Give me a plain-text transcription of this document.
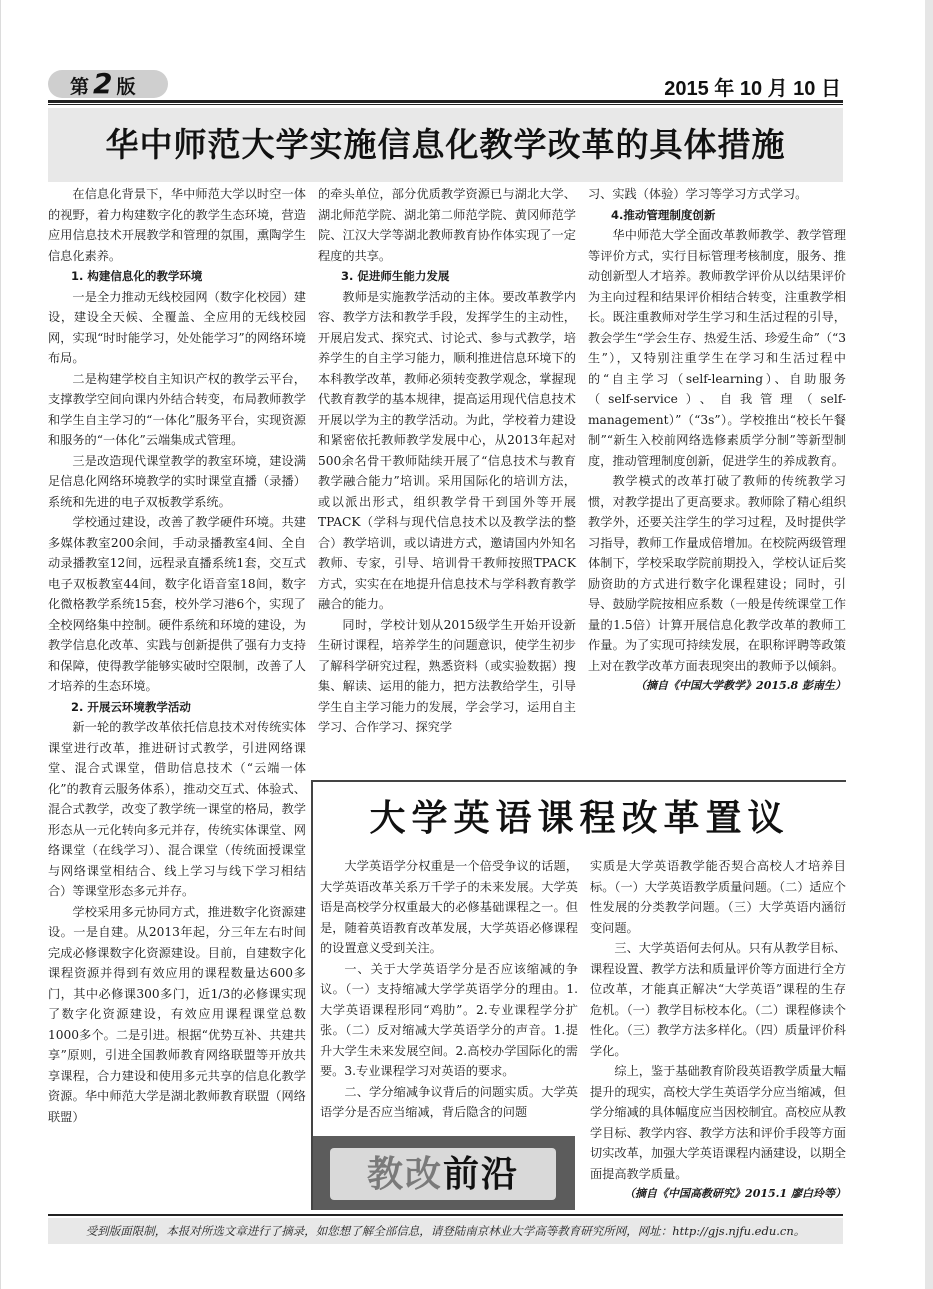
第 2 版	2015 年 10 月 10 日
华中师范大学实施信息化教学改革的具体措施

在信息化背景下，华中师范大学以时空一体的视野，着力构建数字化的教学生态环境，营造应用信息技术开展教学和管理的氛围，熏陶学生信息化素养。

1. 构建信息化的教学环境

一是全力推动无线校园网（数字化校园）建设，建设全天候、全覆盖、全应用的无线校园网，实现“时时能学习，处处能学习”的网络环境布局。

二是构建学校自主知识产权的教学云平台，支撑教学空间向课内外结合转变，布局教师教学和学生自主学习的“一体化”服务平台，实现资源和服务的“一体化”云端集成式管理。

三是改造现代课堂教学的教室环境，建设满足信息化网络环境教学的实时课堂直播（录播）系统和先进的电子双板教学系统。

学校通过建设，改善了教学硬件环境。共建多媒体教室200余间，手动录播教室4间、全自动录播教室12间，远程录直播系统1套，交互式电子双板教室44间，数字化语音室18间，数字化微格教学系统15套，校外学习港6个，实现了全校网络集中控制。硬件系统和环境的建设，为教学信息化改革、实践与创新提供了强有力支持和保障，使得教学能够实破时空限制，改善了人才培养的生态环境。

2. 开展云环境教学活动

新一轮的教学改革依托信息技术对传统实体课堂进行改革，推进研讨式教学，引进网络课堂、混合式课堂，借助信息技术（“云端一体化”的教育云服务体系），推动交互式、体验式、混合式教学，改变了教学统一课堂的格局，教学形态从一元化转向多元并存，传统实体课堂、网络课堂（在线学习）、混合课堂（传统面授课堂与网络课堂相结合、线上学习与线下学习相结合）等课堂形态多元并存。

学校采用多元协同方式，推进数字化资源建设。一是自建。从2013年起，分三年左右时间完成必修课数字化资源建设。目前，自建数字化课程资源并得到有效应用的课程数量达600多门，其中必修课300多门，近1/3的必修课实现了数字化资源建设，有效应用课程课堂总数1000多个。二是引进。根据“优势互补、共建共享”原则，引进全国教师教育网络联盟等开放共享课程，合力建设和使用多元共享的信息化教学资源。华中师范大学是湖北教师教育联盟（网络联盟）

的牵头单位，部分优质教学资源已与湖北大学、湖北师范学院、湖北第二师范学院、黄冈师范学院、江汉大学等湖北教师教育协作体实现了一定程度的共享。

3. 促进师生能力发展

教师是实施教学活动的主体。要改革教学内容、教学方法和教学手段，发挥学生的主动性，开展启发式、探究式、讨论式、参与式教学，培养学生的自主学习能力，顺利推进信息环境下的本科教学改革，教师必须转变教学观念，掌握现代教育教学的基本规律，提高运用现代信息技术开展以学为主的教学活动。为此，学校着力建设和紧密依托教师教学发展中心，从2013年起对500余名骨干教师陆续开展了“信息技术与教育教学融合能力”培训。采用国际化的培训方法，或以派出形式，组织教学骨干到国外等开展TPACK（学科与现代信息技术以及教学法的整合）教学培训，或以请进方式，邀请国内外知名教师、专家，引导、培训骨干教师按照TPACK方式，实实在在地提升信息技术与学科教育教学融合的能力。

同时，学校计划从2015级学生开始开设新生研讨课程，培养学生的问题意识，使学生初步了解科学研究过程，熟悉资料（或实验数据）搜集、解读、运用的能力，把方法教给学生，引导学生自主学习能力的发展，学会学习，运用自主学习、合作学习、探究学

习、实践（体验）学习等学习方式学习。

4.推动管理制度创新

华中师范大学全面改革教师教学、教学管理等评价方式，实行目标管理考核制度，服务、推动创新型人才培养。教师教学评价从以结果评价为主向过程和结果评价相结合转变，注重教学相长。既注重教师对学生学习和生活过程的引导，教会学生“学会生存、热爱生活、珍爱生命”（“3生”），又特别注重学生在学习和生活过程中的“自主学习（self-learning）、自助服务（self-service）、自我管理（self-management）”（“3s”）。学校推出“校长午餐制”“新生入校前网络选修素质学分制”等新型制度，推动管理制度创新，促进学生的养成教育。

教学模式的改革打破了教师的传统教学习惯，对教学提出了更高要求。教师除了精心组织教学外，还要关注学生的学习过程，及时提供学习指导，教师工作量成倍增加。在校院两级管理体制下，学校采取学院前期投入，学校认证后奖励资助的方式进行数字化课程建设；同时，引导、鼓励学院按相应系数（一般是传统课堂工作量的1.5倍）计算开展信息化教学改革的教师工作量。为了实现可持续发展，在职称评聘等政策上对在教学改革方面表现突出的教师予以倾斜。

（摘自《中国大学教学》2015.8 彭南生）

大学英语课程改革置议

大学英语学分权重是一个倍受争议的话题，大学英语改革关系万千学子的未来发展。大学英语是高校学分权重最大的必修基础课程之一。但是，随着英语教育改革发展，大学英语必修课程的设置意义受到关注。

一、关于大学英语学分是否应该缩减的争议。（一）支持缩减大学学英语学分的理由。1.大学英语课程形同“鸡肋”。2.专业课程学分扩张。（二）反对缩减大学英语学分的声音。1.提升大学生未来发展空间。2.高校办学国际化的需要。3.专业课程学习对英语的要求。

二、学分缩减争议背后的问题实质。大学英语学分是否应当缩减，背后隐含的问题

实质是大学英语教学能否契合高校人才培养目标。（一）大学英语教学质量问题。（二）适应个性发展的分类教学问题。（三）大学英语内涵衍变问题。

三、大学英语何去何从。只有从教学目标、课程设置、教学方法和质量评价等方面进行全方位改革，才能真正解决“大学英语”课程的生存危机。（一）教学目标校本化。（二）课程修读个性化。（三）教学方法多样化。（四）质量评价科学化。

综上，鉴于基础教育阶段英语教学质量大幅提升的现实，高校大学生英语学分应当缩减，但学分缩减的具体幅度应当因校制宜。高校应从教学目标、教学内容、教学方法和评价手段等方面切实改革，加强大学英语课程内涵建设，以期全面提高教学质量。

（摘自《中国高教研究》2015.1 廖白玲等）

教改前沿
受到版面限制，本报对所选文章进行了摘录，如您想了解全部信息，请登陆南京林业大学高等教育研究所网，网址：http://gjs.njfu.edu.cn。
